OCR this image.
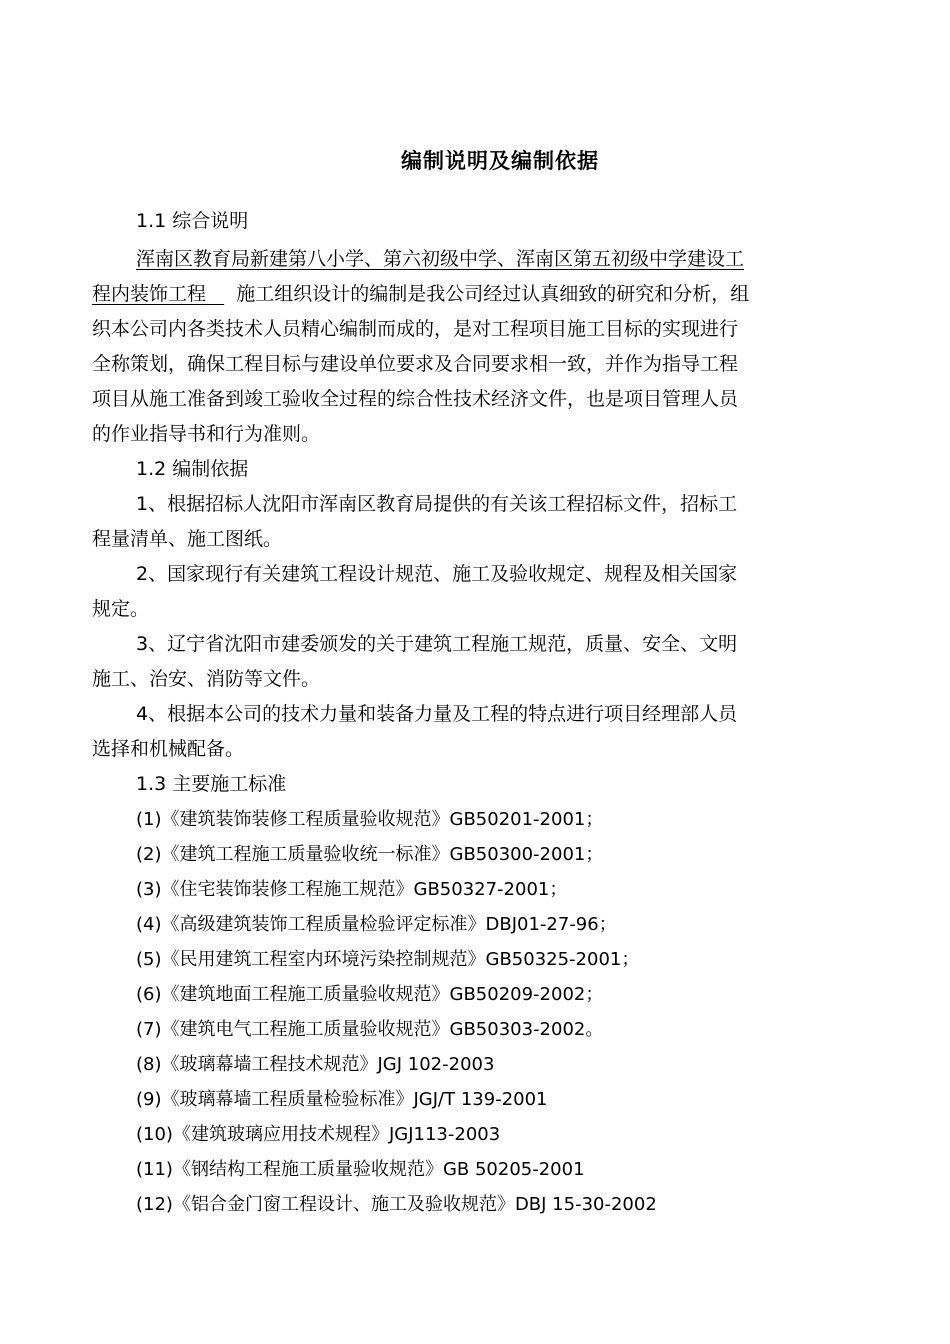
编制说明及编制依据
1.1 综合说明
浑南区教育局新建第八小学、第六初级中学、浑南区第五初级中学建设工
程内装饰工程 施工组织设计的编制是我公司经过认真细致的研究和分析，组
织本公司内各类技术人员精心编制而成的，是对工程项目施工目标的实现进行
全称策划，确保工程目标与建设单位要求及合同要求相一致，并作为指导工程
项目从施工准备到竣工验收全过程的综合性技术经济文件，也是项目管理人员
的作业指导书和行为准则。
1.2 编制依据
1、根据招标人沈阳市浑南区教育局提供的有关该工程招标文件，招标工
程量清单、施工图纸。
2、国家现行有关建筑工程设计规范、施工及验收规定、规程及相关国家
规定。
3、辽宁省沈阳市建委颁发的关于建筑工程施工规范，质量、安全、文明
施工、治安、消防等文件。
4、根据本公司的技术力量和装备力量及工程的特点进行项目经理部人员
选择和机械配备。
1.3 主要施工标准
(1)《建筑装饰装修工程质量验收规范》GB50201-2001；
(2)《建筑工程施工质量验收统一标准》GB50300-2001；
(3)《住宅装饰装修工程施工规范》GB50327-2001；
(4)《高级建筑装饰工程质量检验评定标准》DBJ01-27-96；
(5)《民用建筑工程室内环境污染控制规范》GB50325-2001；
(6)《建筑地面工程施工质量验收规范》GB50209-2002；
(7)《建筑电气工程施工质量验收规范》GB50303-2002。
(8)《玻璃幕墙工程技术规范》JGJ 102-2003
(9)《玻璃幕墙工程质量检验标准》JGJ/T 139-2001
(10)《建筑玻璃应用技术规程》JGJ113-2003
(11)《钢结构工程施工质量验收规范》GB 50205-2001
(12)《铝合金门窗工程设计、施工及验收规范》DBJ 15-30-2002
